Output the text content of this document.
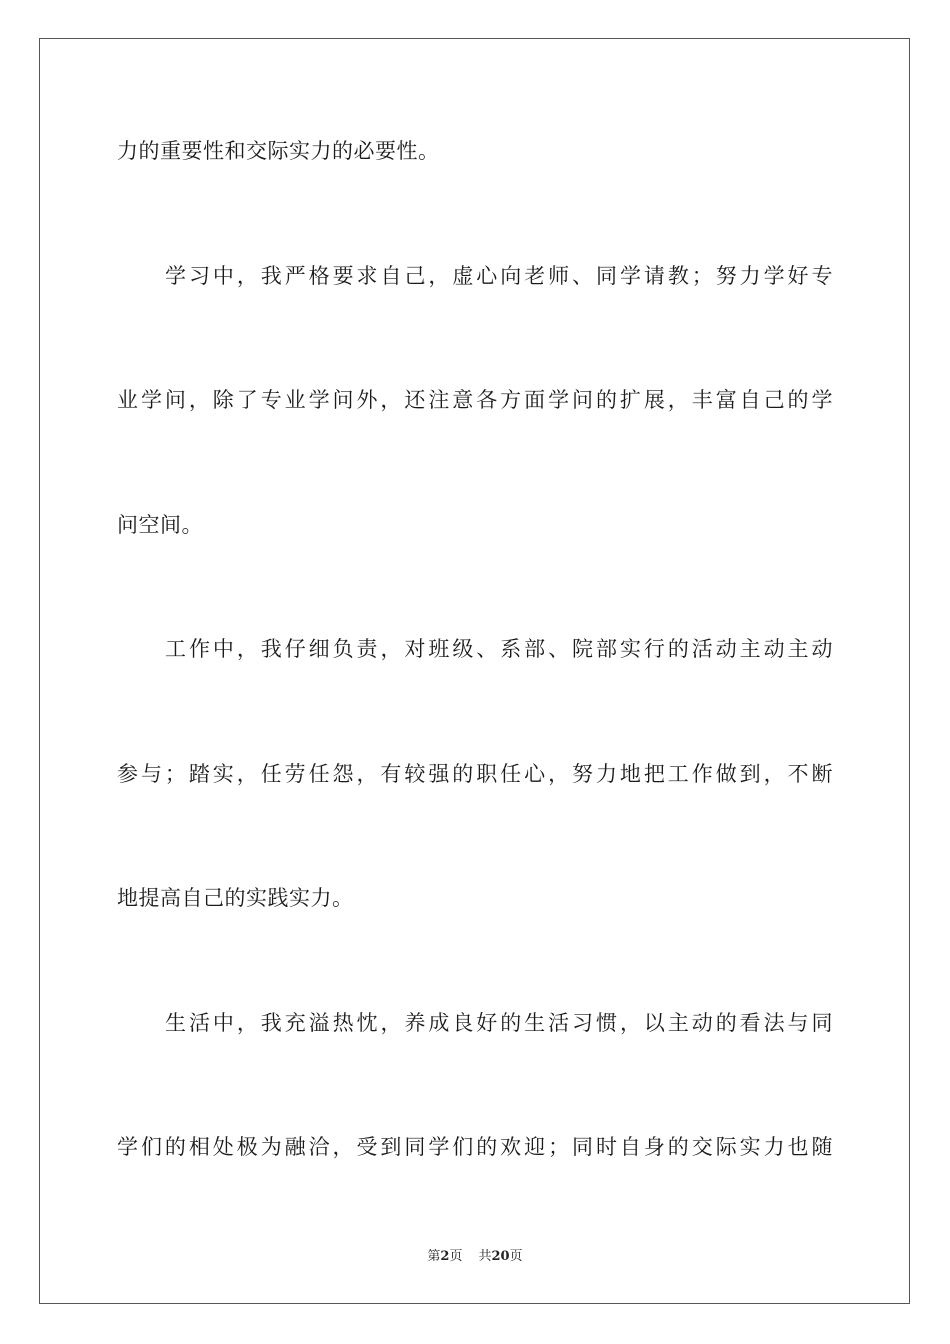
力的重要性和交际实力的必要性。
学习中，我严格要求自己，虚心向老师、同学请教；努力学好专
业学问，除了专业学问外，还注意各方面学问的扩展，丰富自己的学
问空间。
工作中，我仔细负责，对班级、系部、院部实行的活动主动主动
参与；踏实，任劳任怨，有较强的职任心，努力地把工作做到，不断
地提高自己的实践实力。
生活中，我充溢热忱，养成良好的生活习惯，以主动的看法与同
学们的相处极为融洽，受到同学们的欢迎；同时自身的交际实力也随
第2页 共20页
